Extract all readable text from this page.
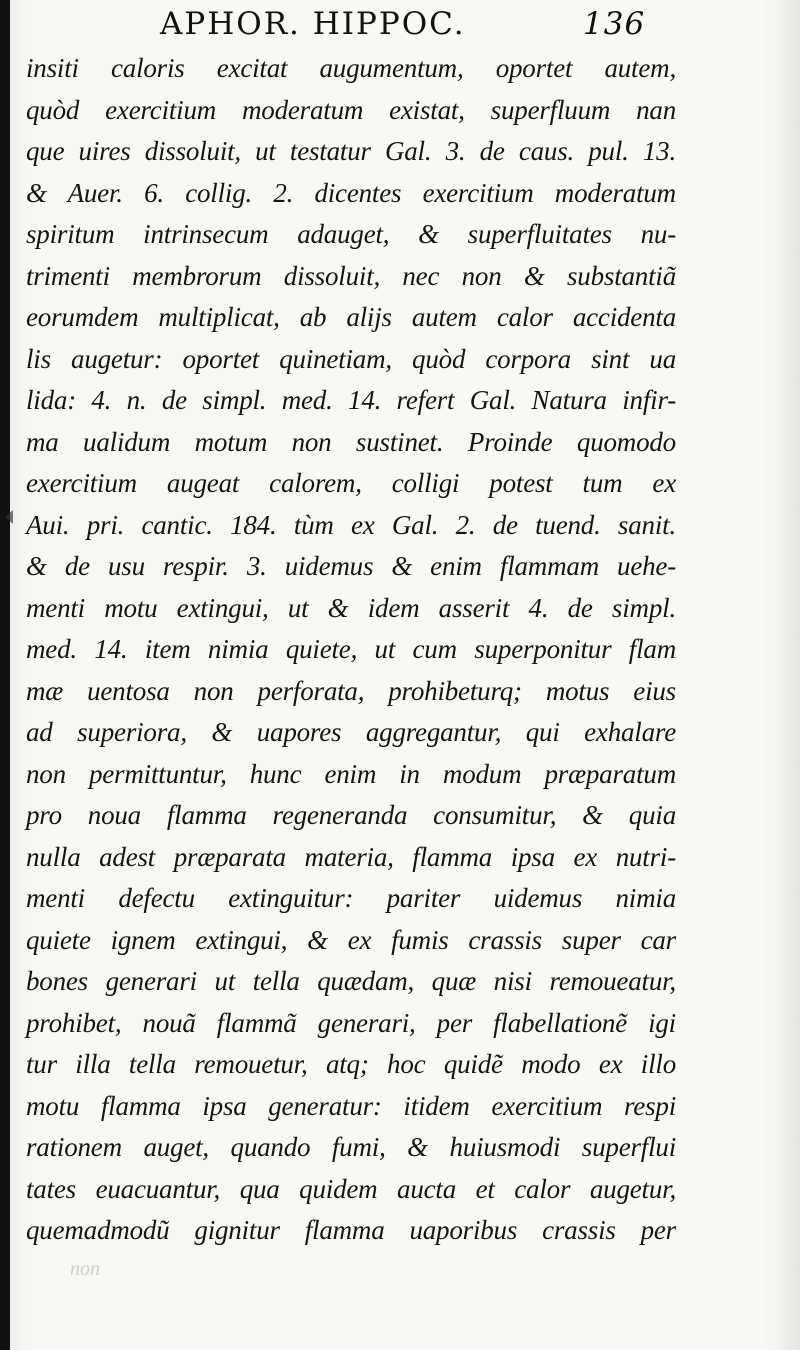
APHOR. HIPPOC.	136
insiti caloris excitat augumentum, oportet autem,
quòd exercitium moderatum existat, superfluum nan
que uires dissoluit, ut testatur Gal. 3. de caus. pul. 13.
& Auer. 6. collig. 2. dicentes exercitium moderatum
spiritum intrinsecum adauget, & superfluitates nu-
trimenti membrorum dissoluit, nec non & substantiã
eorumdem multiplicat, ab alijs autem calor accidenta
lis augetur: oportet quinetiam, quòd corpora sint ua
lida: 4. n. de simpl. med. 14. refert Gal. Natura infir-
ma ualidum motum non sustinet. Proinde quomodo
exercitium augeat calorem, colligi potest tum ex
Aui. pri. cantic. 184. tùm ex Gal. 2. de tuend. sanit.
& de usu respir. 3. uidemus & enim flammam uehe-
menti motu extingui, ut & idem asserit 4. de simpl.
med. 14. item nimia quiete, ut cum superponitur flam
mæ uentosa non perforata, prohibeturq; motus eius
ad superiora, & uapores aggregantur, qui exhalare
non permittuntur, hunc enim in modum præparatum
pro noua flamma regeneranda consumitur, & quia
nulla adest præparata materia, flamma ipsa ex nutri-
menti defectu extinguitur: pariter uidemus nimia
quiete ignem extingui, & ex fumis crassis super car
bones generari ut tella quædam, quæ nisi remoueatur,
prohibet, nouã flammã generari, per flabellationẽ igi
tur illa tella remouetur, atq; hoc quidẽ modo ex illo
motu flamma ipsa generatur: itidem exercitium respi
rationem auget, quando fumi, & huiusmodi superflui
tates euacuantur, qua quidem aucta et calor augetur,
quemadmodũ gignitur flamma uaporibus crassis per
non
